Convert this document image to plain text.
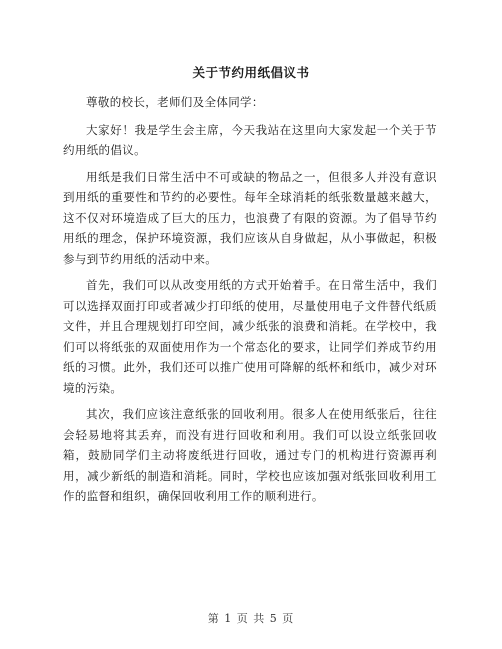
关于节约用纸倡议书

尊敬的校长，老师们及全体同学：

大家好！我是学生会主席，今天我站在这里向大家发起一个关于节约用纸的倡议。

用纸是我们日常生活中不可或缺的物品之一，但很多人并没有意识到用纸的重要性和节约的必要性。每年全球消耗的纸张数量越来越大，这不仅对环境造成了巨大的压力，也浪费了有限的资源。为了倡导节约用纸的理念，保护环境资源，我们应该从自身做起，从小事做起，积极参与到节约用纸的活动中来。

首先，我们可以从改变用纸的方式开始着手。在日常生活中，我们可以选择双面打印或者减少打印纸的使用，尽量使用电子文件替代纸质文件，并且合理规划打印空间，减少纸张的浪费和消耗。在学校中，我们可以将纸张的双面使用作为一个常态化的要求，让同学们养成节约用纸的习惯。此外，我们还可以推广使用可降解的纸杯和纸巾，减少对环境的污染。

其次，我们应该注意纸张的回收利用。很多人在使用纸张后，往往会轻易地将其丢弃，而没有进行回收和利用。我们可以设立纸张回收箱，鼓励同学们主动将废纸进行回收，通过专门的机构进行资源再利用，减少新纸的制造和消耗。同时，学校也应该加强对纸张回收利用工作的监督和组织，确保回收利用工作的顺利进行。

第 1 页 共 5 页
